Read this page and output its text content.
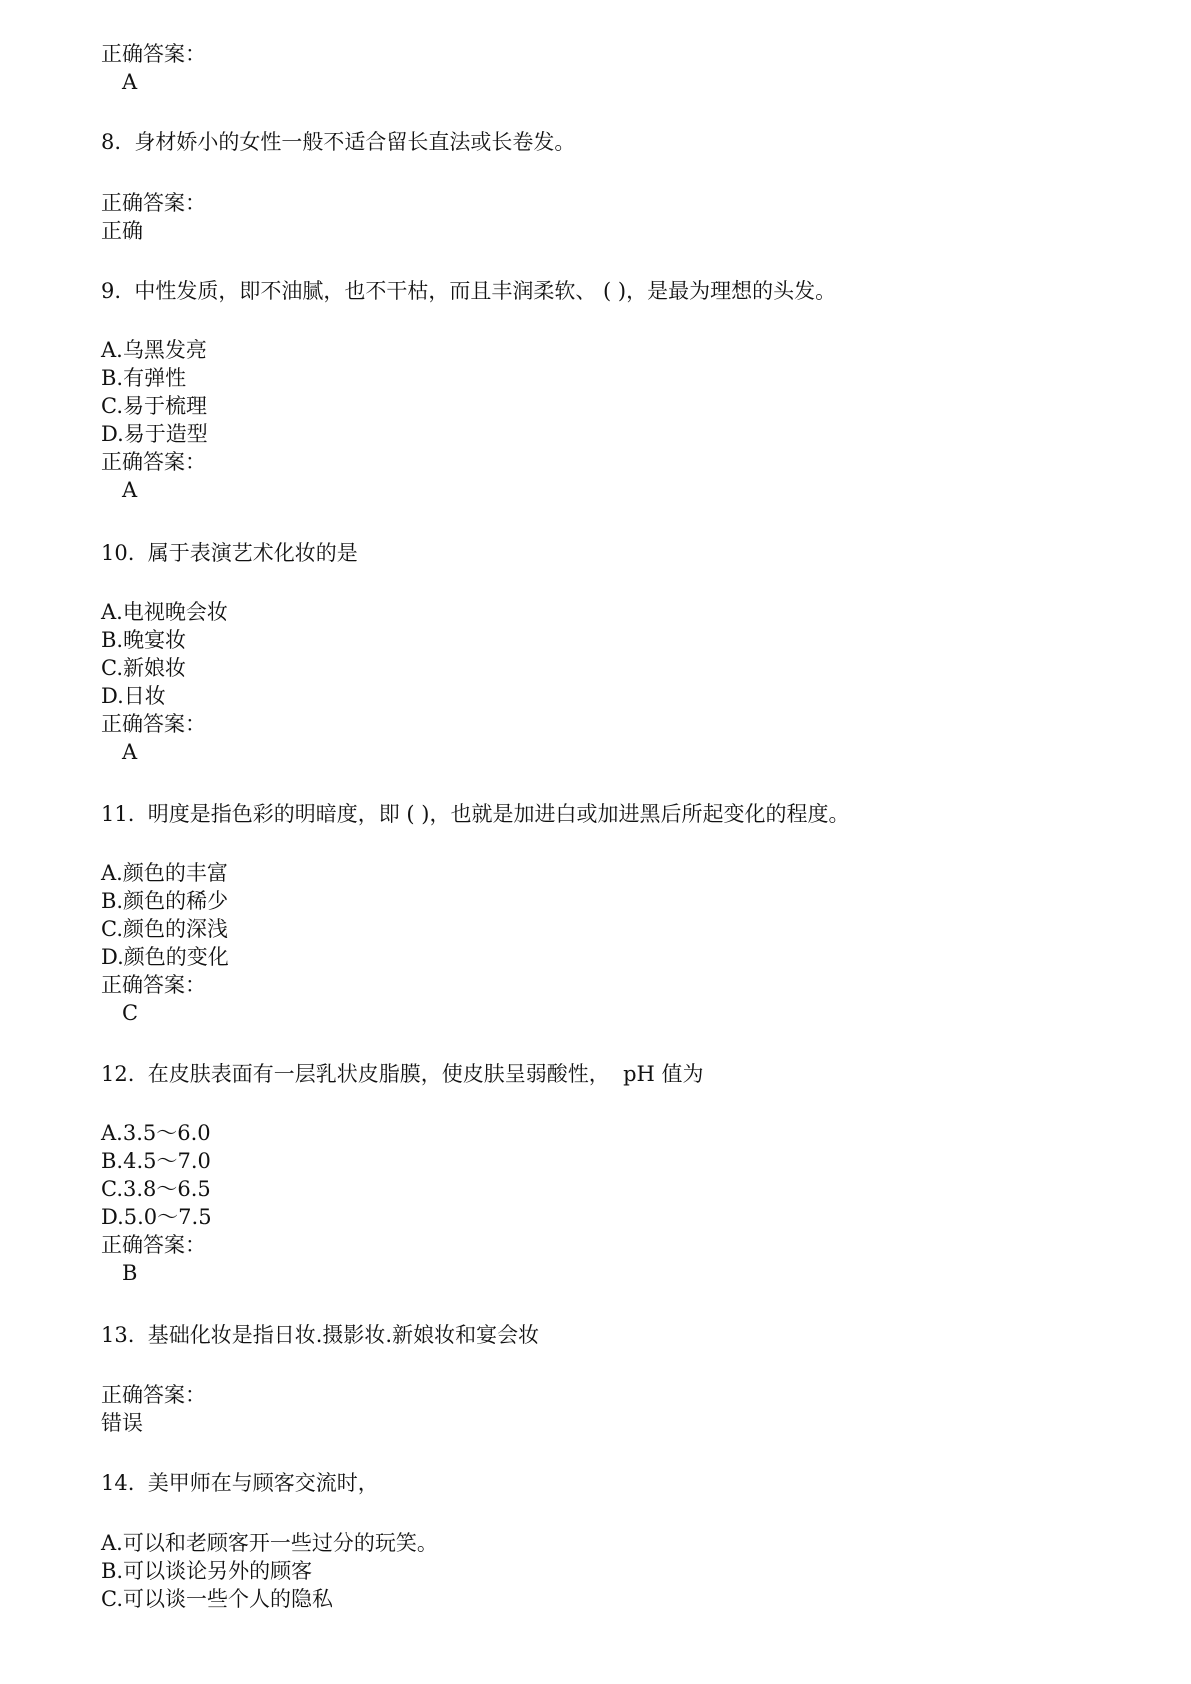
正确答案：
A
8.  身材娇小的女性一般不适合留长直法或长卷发。
正确答案：
正确
9.  中性发质，即不油腻，也不干枯，而且丰润柔软、 ( )，是最为理想的头发。
A.乌黑发亮
B.有弹性
C.易于梳理
D.易于造型
正确答案：
A
10.  属于表演艺术化妆的是
A.电视晚会妆
B.晚宴妆
C.新娘妆
D.日妆
正确答案：
A
11.  明度是指色彩的明暗度，即 ( )，也就是加进白或加进黑后所起变化的程度。
A.颜色的丰富
B.颜色的稀少
C.颜色的深浅
D.颜色的变化
正确答案：
C
12.  在皮肤表面有一层乳状皮脂膜，使皮肤呈弱酸性，  pH 值为
A.3.5～6.0
B.4.5～7.0
C.3.8～6.5
D.5.0～7.5
正确答案：
B
13.  基础化妆是指日妆.摄影妆.新娘妆和宴会妆
正确答案：
错误
14.  美甲师在与顾客交流时，
A.可以和老顾客开一些过分的玩笑。
B.可以谈论另外的顾客
C.可以谈一些个人的隐私
